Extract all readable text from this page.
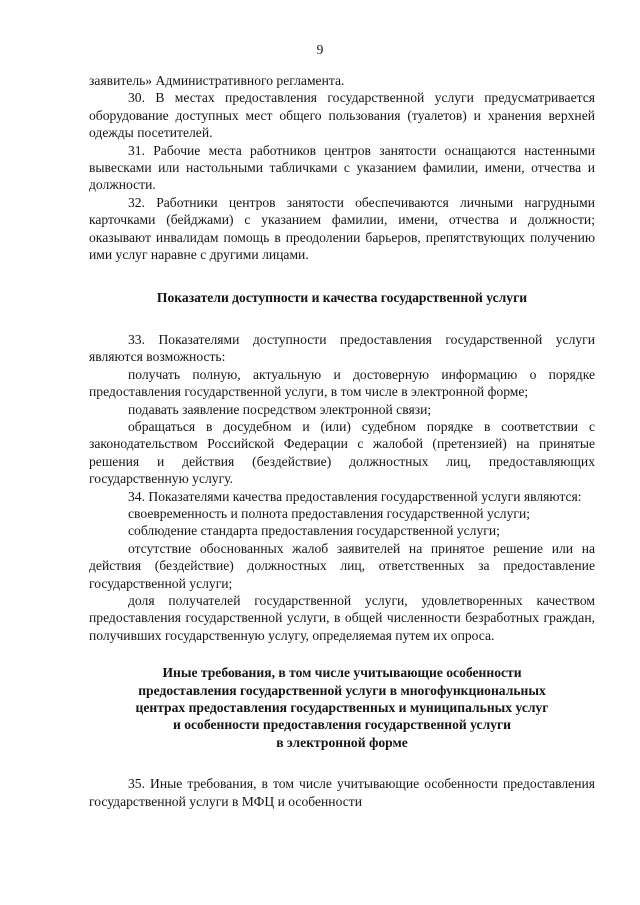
9

заявитель» Административного регламента.

30. В местах предоставления государственной услуги предусматривается оборудование доступных мест общего пользования (туалетов) и хранения верхней одежды посетителей.

31. Рабочие места работников центров занятости оснащаются настенными вывесками или настольными табличками с указанием фамилии, имени, отчества и должности.

32. Работники центров занятости обеспечиваются личными нагрудными карточками (бейджами) с указанием фамилии, имени, отчества и должности; оказывают инвалидам помощь в преодолении барьеров, препятствующих получению ими услуг наравне с другими лицами.

Показатели доступности и качества государственной услуги

33. Показателями доступности предоставления государственной услуги являются возможность:

получать полную, актуальную и достоверную информацию о порядке предоставления государственной услуги, в том числе в электронной форме;

подавать заявление посредством электронной связи;

обращаться в досудебном и (или) судебном порядке в соответствии с законодательством Российской Федерации с жалобой (претензией) на принятые решения и действия (бездействие) должностных лиц, предоставляющих государственную услугу.

34. Показателями качества предоставления государственной услуги являются:

своевременность и полнота предоставления государственной услуги;

соблюдение стандарта предоставления государственной услуги;

отсутствие обоснованных жалоб заявителей на принятое решение или на действия (бездействие) должностных лиц, ответственных за предоставление государственной услуги;

доля получателей государственной услуги, удовлетворенных качеством предоставления государственной услуги, в общей численности безработных граждан, получивших государственную услугу, определяемая путем их опроса.

Иные требования, в том числе учитывающие особенности
предоставления государственной услуги в многофункциональных
центрах предоставления государственных и муниципальных услуг
и особенности предоставления государственной услуги
в электронной форме

35. Иные требования, в том числе учитывающие особенности предоставления государственной услуги в МФЦ и особенности
